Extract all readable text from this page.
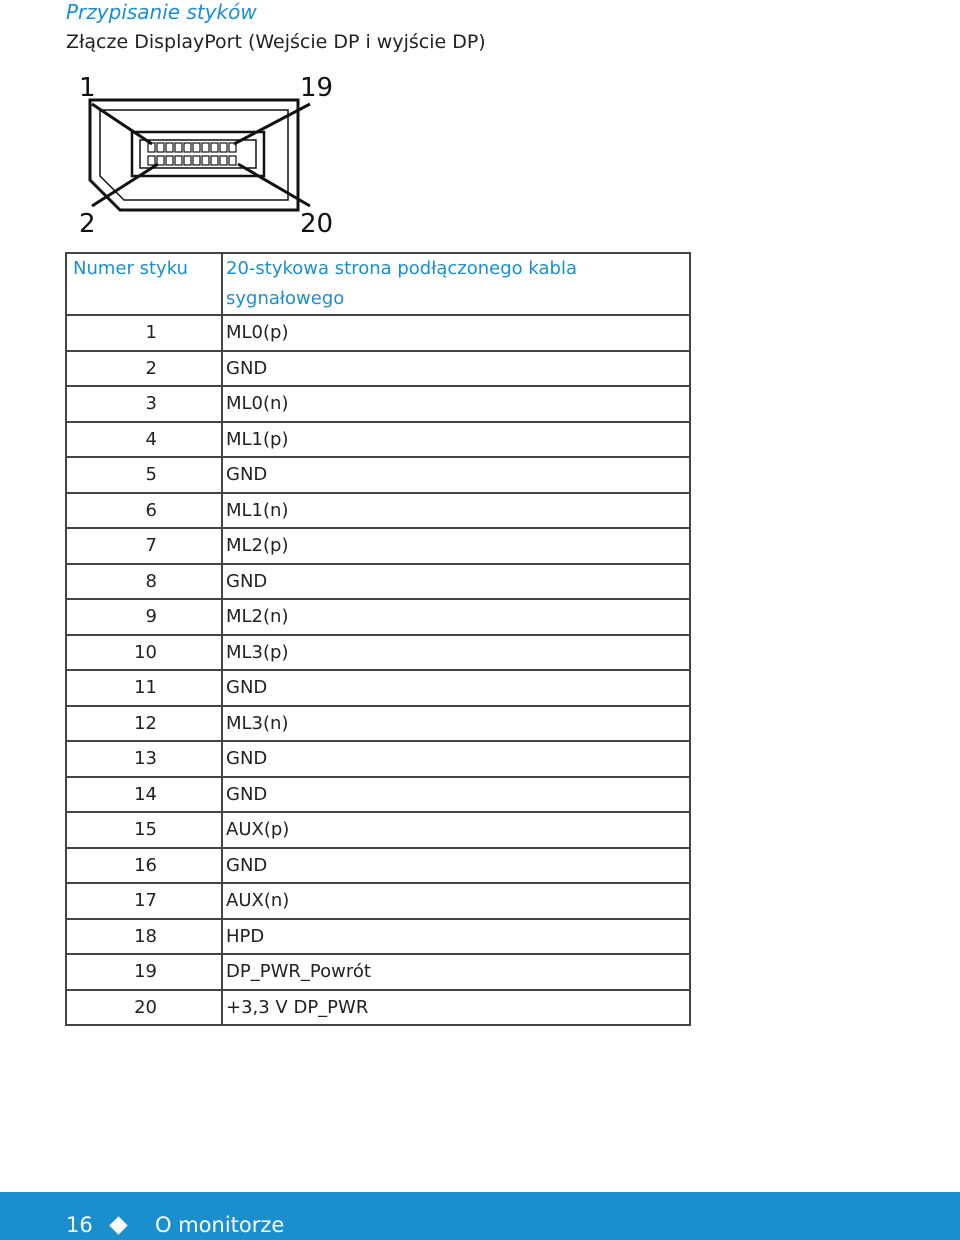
Przypisanie styków
Złącze DisplayPort (Wejście DP i wyjście DP)
1	19
2	20
Numer styku	20-stykowa strona podłączonego kabla sygnałowego
1	ML0(p)
2	GND
3	ML0(n)
4	ML1(p)
5	GND
6	ML1(n)
7	ML2(p)
8	GND
9	ML2(n)
10	ML3(p)
11	GND
12	ML3(n)
13	GND
14	GND
15	AUX(p)
16	GND
17	AUX(n)
18	HPD
19	DP_PWR_Powrót
20	+3,3 V DP_PWR
16	O monitorze
